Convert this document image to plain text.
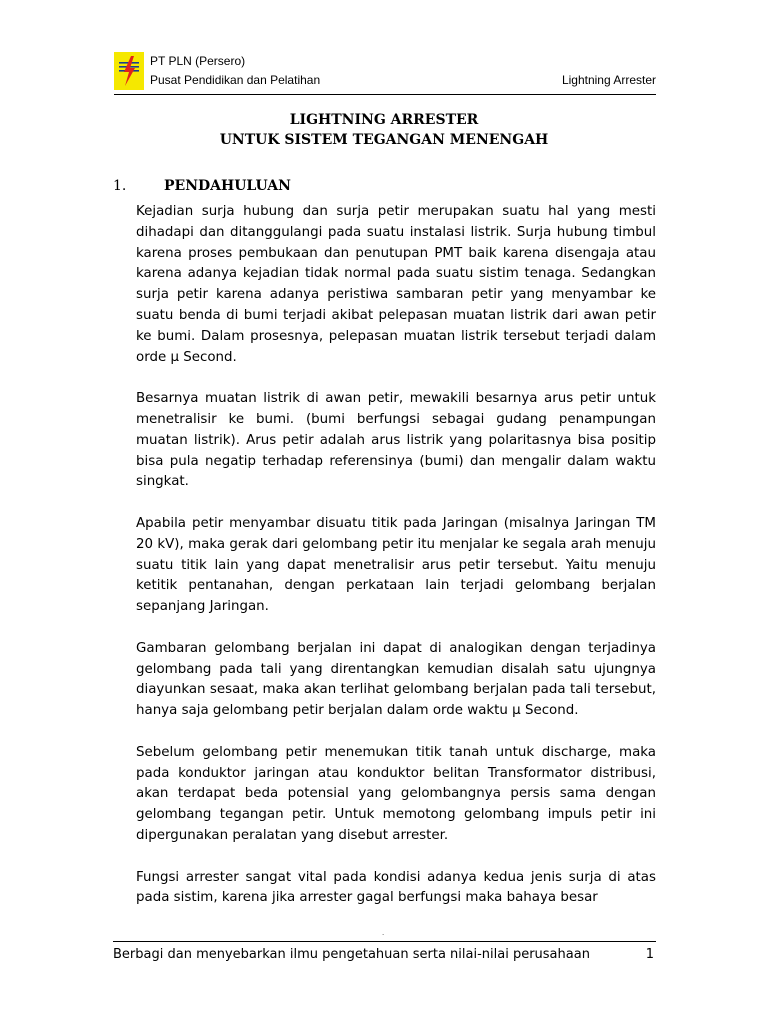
PT PLN (Persero)
Pusat Pendidikan dan Pelatihan	Lightning Arrester
LIGHTNING ARRESTER
UNTUK SISTEM TEGANGAN MENENGAH
1.	PENDAHULUAN

Kejadian surja hubung dan surja petir merupakan suatu hal yang mesti dihadapi dan ditanggulangi pada suatu instalasi listrik. Surja hubung timbul karena proses pembukaan dan penutupan PMT baik karena disengaja atau karena adanya kejadian tidak normal pada suatu sistim tenaga. Sedangkan surja petir karena adanya peristiwa sambaran petir yang menyambar ke suatu benda di bumi terjadi akibat pelepasan muatan listrik dari awan petir ke bumi. Dalam prosesnya, pelepasan muatan listrik tersebut terjadi dalam orde µ Second.

Besarnya muatan listrik di awan petir, mewakili besarnya arus petir untuk menetralisir ke bumi. (bumi berfungsi sebagai gudang penampungan muatan listrik). Arus petir adalah arus listrik yang polaritasnya bisa positip bisa pula negatip terhadap referensinya (bumi) dan mengalir dalam waktu singkat.

Apabila petir menyambar disuatu titik pada Jaringan (misalnya Jaringan TM 20 kV), maka gerak dari gelombang petir itu menjalar ke segala arah menuju suatu titik lain yang dapat menetralisir arus petir tersebut. Yaitu menuju ketitik pentanahan, dengan perkataan lain terjadi gelombang berjalan sepanjang Jaringan.

Gambaran gelombang berjalan ini dapat di analogikan dengan terjadinya gelombang pada tali yang direntangkan kemudian disalah satu ujungnya diayunkan sesaat, maka akan terlihat gelombang berjalan pada tali tersebut, hanya saja gelombang petir berjalan dalam orde waktu µ Second.

Sebelum gelombang petir menemukan titik tanah untuk discharge, maka pada konduktor jaringan atau konduktor belitan Transformator distribusi, akan terdapat beda potensial yang gelombangnya persis sama dengan gelombang tegangan petir. Untuk memotong gelombang impuls petir ini dipergunakan peralatan yang disebut arrester.

Fungsi arrester sangat vital pada kondisi adanya kedua jenis surja di atas pada sistim, karena jika arrester gagal berfungsi maka bahaya besar

.
Berbagi dan menyebarkan ilmu pengetahuan serta nilai-nilai perusahaan	1
